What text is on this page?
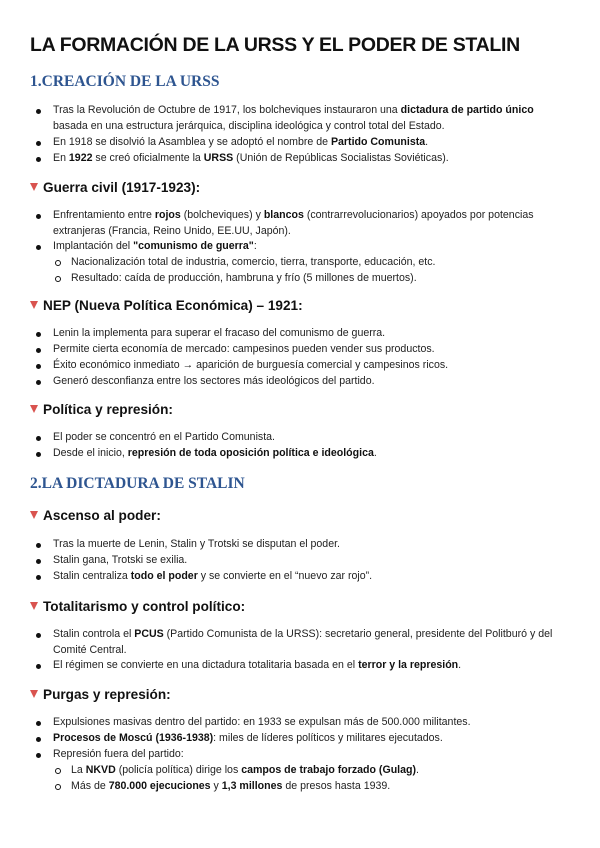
LA FORMACIÓN DE LA URSS Y EL PODER DE STALIN
1.CREACIÓN DE LA URSS
Tras la Revolución de Octubre de 1917, los bolcheviques instauraron una dictadura de partido único basada en una estructura jerárquica, disciplina ideológica y control total del Estado.
En 1918 se disolvió la Asamblea y se adoptó el nombre de Partido Comunista.
En 1922 se creó oficialmente la URSS (Unión de Repúblicas Socialistas Soviéticas).
Guerra civil (1917-1923):
Enfrentamiento entre rojos (bolcheviques) y blancos (contrarrevolucionarios) apoyados por potencias extranjeras (Francia, Reino Unido, EE.UU, Japón).
Implantación del "comunismo de guerra":
Nacionalización total de industria, comercio, tierra, transporte, educación, etc.
Resultado: caída de producción, hambruna y frío (5 millones de muertos).
NEP (Nueva Política Económica) – 1921:
Lenin la implementa para superar el fracaso del comunismo de guerra.
Permite cierta economía de mercado: campesinos pueden vender sus productos.
Éxito económico inmediato → aparición de burguesía comercial y campesinos ricos.
Generó desconfianza entre los sectores más ideológicos del partido.
Política y represión:
El poder se concentró en el Partido Comunista.
Desde el inicio, represión de toda oposición política e ideológica.
2.LA DICTADURA DE STALIN
Ascenso al poder:
Tras la muerte de Lenin, Stalin y Trotski se disputan el poder.
Stalin gana, Trotski se exilia.
Stalin centraliza todo el poder y se convierte en el “nuevo zar rojo”.
Totalitarismo y control político:
Stalin controla el PCUS (Partido Comunista de la URSS): secretario general, presidente del Politburó y del Comité Central.
El régimen se convierte en una dictadura totalitaria basada en el terror y la represión.
Purgas y represión:
Expulsiones masivas dentro del partido: en 1933 se expulsan más de 500.000 militantes.
Procesos de Moscú (1936-1938): miles de líderes políticos y militares ejecutados.
Represión fuera del partido:
La NKVD (policía política) dirige los campos de trabajo forzado (Gulag).
Más de 780.000 ejecuciones y 1,3 millones de presos hasta 1939.
